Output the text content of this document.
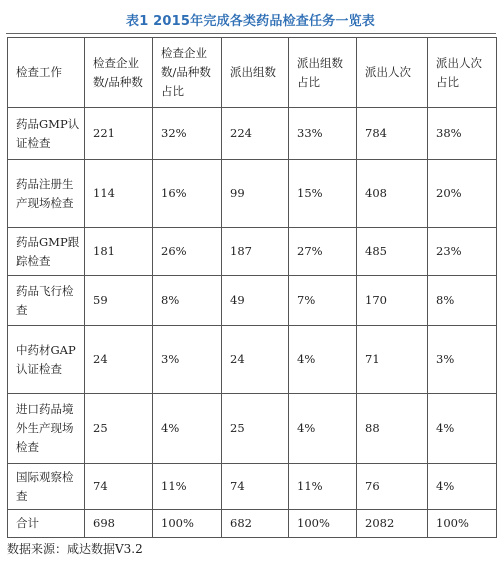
表1 2015年完成各类药品检查任务一览表
检查工作	检查企业数/品种数	检查企业数/品种数占比	派出组数	派出组数占比	派出人次	派出人次占比
药品GMP认证检查	221	32%	224	33%	784	38%
药品注册生产现场检查	114	16%	99	15%	408	20%
药品GMP跟踪检查	181	26%	187	27%	485	23%
药品飞行检查	59	8%	49	7%	170	8%
中药材GAP认证检查	24	3%	24	4%	71	3%
进口药品境外生产现场检查	25	4%	25	4%	88	4%
国际观察检查	74	11%	74	11%	76	4%
合计	698	100%	682	100%	2082	100%
数据来源：咸达数据V3.2
